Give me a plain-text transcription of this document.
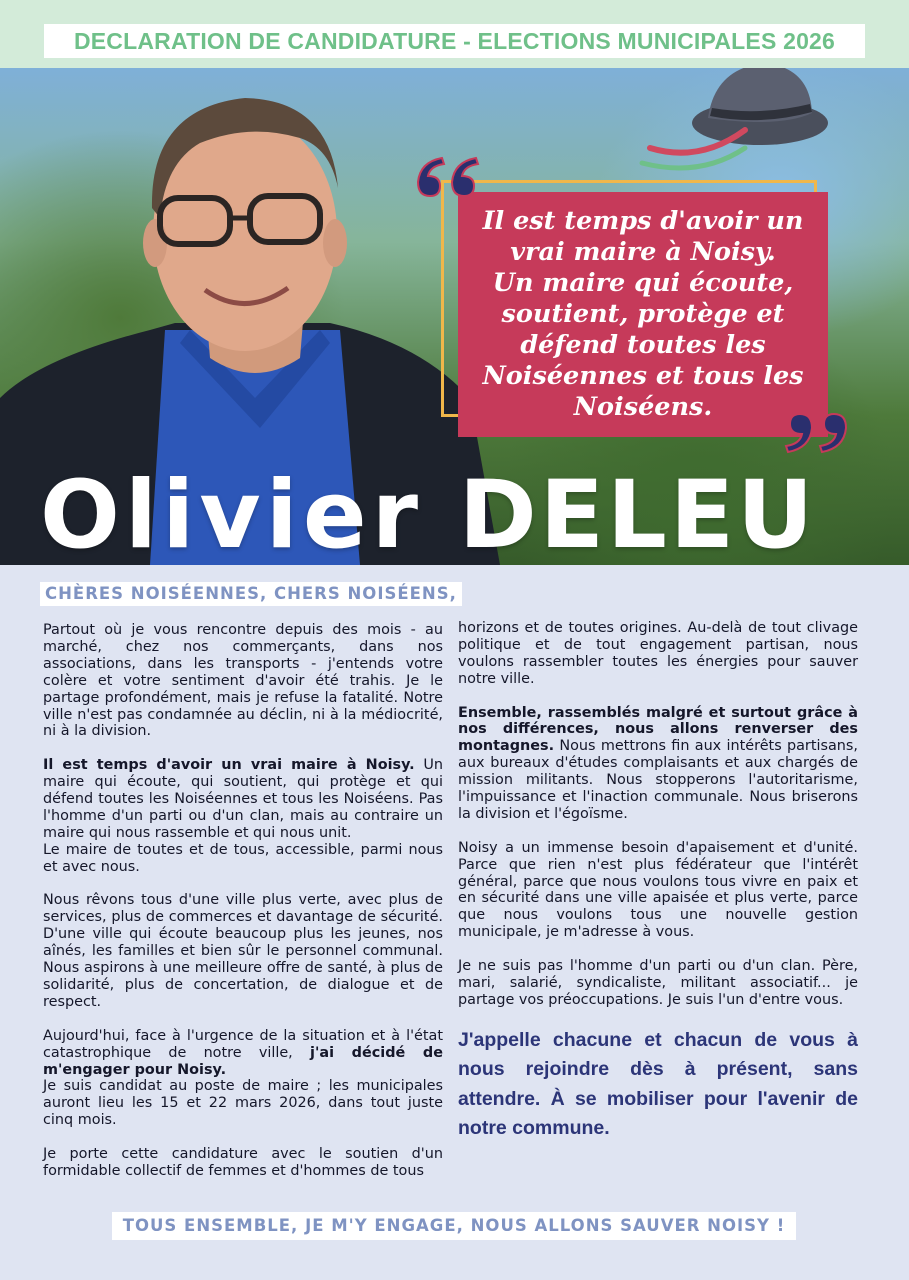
DECLARATION DE CANDIDATURE - ELECTIONS MUNICIPALES 2026
Il est temps d'avoir un
vrai maire à Noisy.
Un maire qui écoute,
soutient, protège et
défend toutes les
Noiséennes et tous les
Noiséens.
Olivier DELEU
CHÈRES NOISÉENNES, CHERS NOISÉENS,

Partout où je vous rencontre depuis des mois - au marché, chez nos commerçants, dans nos associations, dans les transports - j'entends votre colère et votre sentiment d'avoir été trahis. Je le partage profondément, mais je refuse la fatalité. Notre ville n'est pas condamnée au déclin, ni à la médiocrité, ni à la division.

Il est temps d'avoir un vrai maire à Noisy. Un maire qui écoute, qui soutient, qui protège et qui défend toutes les Noiséennes et tous les Noiséens. Pas l'homme d'un parti ou d'un clan, mais au contraire un maire qui nous rassemble et qui nous unit.
Le maire de toutes et de tous, accessible, parmi nous et avec nous.

Nous rêvons tous d'une ville plus verte, avec plus de services, plus de commerces et davantage de sécurité. D'une ville qui écoute beaucoup plus les jeunes, nos aînés, les familles et bien sûr le personnel communal. Nous aspirons à une meilleure offre de santé, à plus de solidarité, plus de concertation, de dialogue et de respect.

Aujourd'hui, face à l'urgence de la situation et à l'état catastrophique de notre ville, j'ai décidé de m'engager pour Noisy.
Je suis candidat au poste de maire ; les municipales auront lieu les 15 et 22 mars 2026, dans tout juste cinq mois.

Je porte cette candidature avec le soutien d'un formidable collectif de femmes et d'hommes de tous

horizons et de toutes origines. Au-delà de tout clivage politique et de tout engagement partisan, nous voulons rassembler toutes les énergies pour sauver notre ville.

Ensemble, rassemblés malgré et surtout grâce à nos différences, nous allons renverser des montagnes. Nous mettrons fin aux intérêts partisans, aux bureaux d'études complaisants et aux chargés de mission militants. Nous stopperons l'autoritarisme, l'impuissance et l'inaction communale. Nous briserons la division et l'égoïsme.

Noisy a un immense besoin d'apaisement et d'unité. Parce que rien n'est plus fédérateur que l'intérêt général, parce que nous voulons tous vivre en paix et en sécurité dans une ville apaisée et plus verte, parce que nous voulons tous une nouvelle gestion municipale, je m'adresse à vous.

Je ne suis pas l'homme d'un parti ou d'un clan. Père, mari, salarié, syndicaliste, militant associatif... je partage vos préoccupations. Je suis l'un d'entre vous.

J'appelle chacune et chacun de vous à nous rejoindre dès à présent, sans attendre. À se mobiliser pour l'avenir de notre commune.

TOUS ENSEMBLE, JE M'Y ENGAGE, NOUS ALLONS SAUVER NOISY !
